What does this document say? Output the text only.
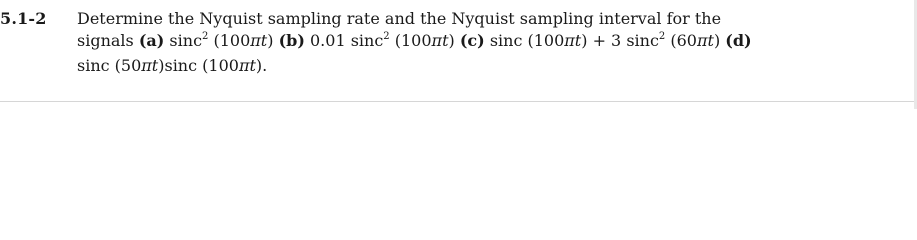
5.1-2	Determine the Nyquist sampling rate and the Nyquist sampling interval for the
signals (a) sinc$^2$ (100πt) (b) 0.01 sinc$^2$ (100πt) (c) sinc (100πt) + 3 sinc$^2$ (60πt) (d)
sinc (50πt)sinc (100πt).
